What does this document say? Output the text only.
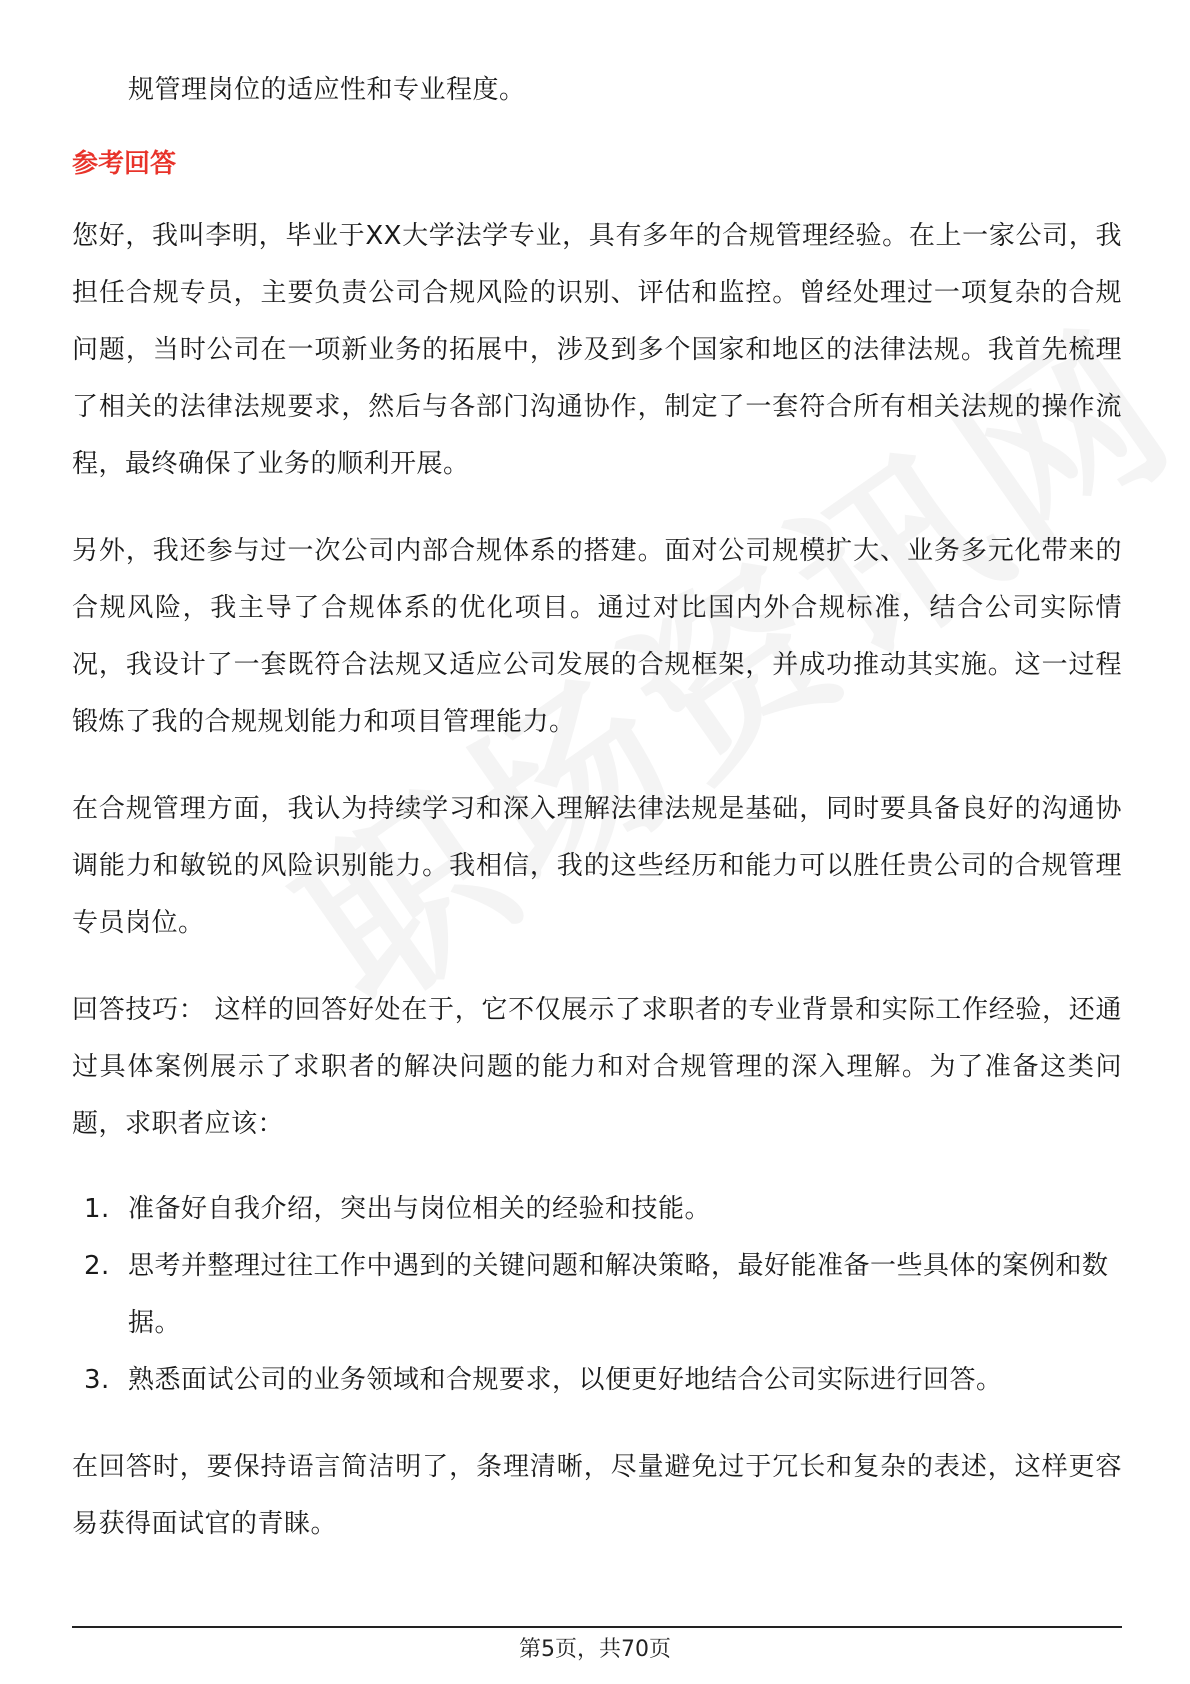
规管理岗位的适应性和专业程度。

参考回答

您好，我叫李明，毕业于XX大学法学专业，具有多年的合规管理经验。在上一家公司，我担任合规专员，主要负责公司合规风险的识别、评估和监控。曾经处理过一项复杂的合规问题，当时公司在一项新业务的拓展中，涉及到多个国家和地区的法律法规。我首先梳理了相关的法律法规要求，然后与各部门沟通协作，制定了一套符合所有相关法规的操作流程，最终确保了业务的顺利开展。

另外，我还参与过一次公司内部合规体系的搭建。面对公司规模扩大、业务多元化带来的合规风险，我主导了合规体系的优化项目。通过对比国内外合规标准，结合公司实际情况，我设计了一套既符合法规又适应公司发展的合规框架，并成功推动其实施。这一过程锻炼了我的合规规划能力和项目管理能力。

在合规管理方面，我认为持续学习和深入理解法律法规是基础，同时要具备良好的沟通协调能力和敏锐的风险识别能力。我相信，我的这些经历和能力可以胜任贵公司的合规管理专员岗位。

回答技巧： 这样的回答好处在于，它不仅展示了求职者的专业背景和实际工作经验，还通过具体案例展示了求职者的解决问题的能力和对合规管理的深入理解。为了准备这类问题，求职者应该：

1. 准备好自我介绍，突出与岗位相关的经验和技能。
2. 思考并整理过往工作中遇到的关键问题和解决策略，最好能准备一些具体的案例和数据。
3. 熟悉面试公司的业务领域和合规要求，以便更好地结合公司实际进行回答。

在回答时，要保持语言简洁明了，条理清晰，尽量避免过于冗长和复杂的表述，这样更容易获得面试官的青睐。

第5页，共70页
